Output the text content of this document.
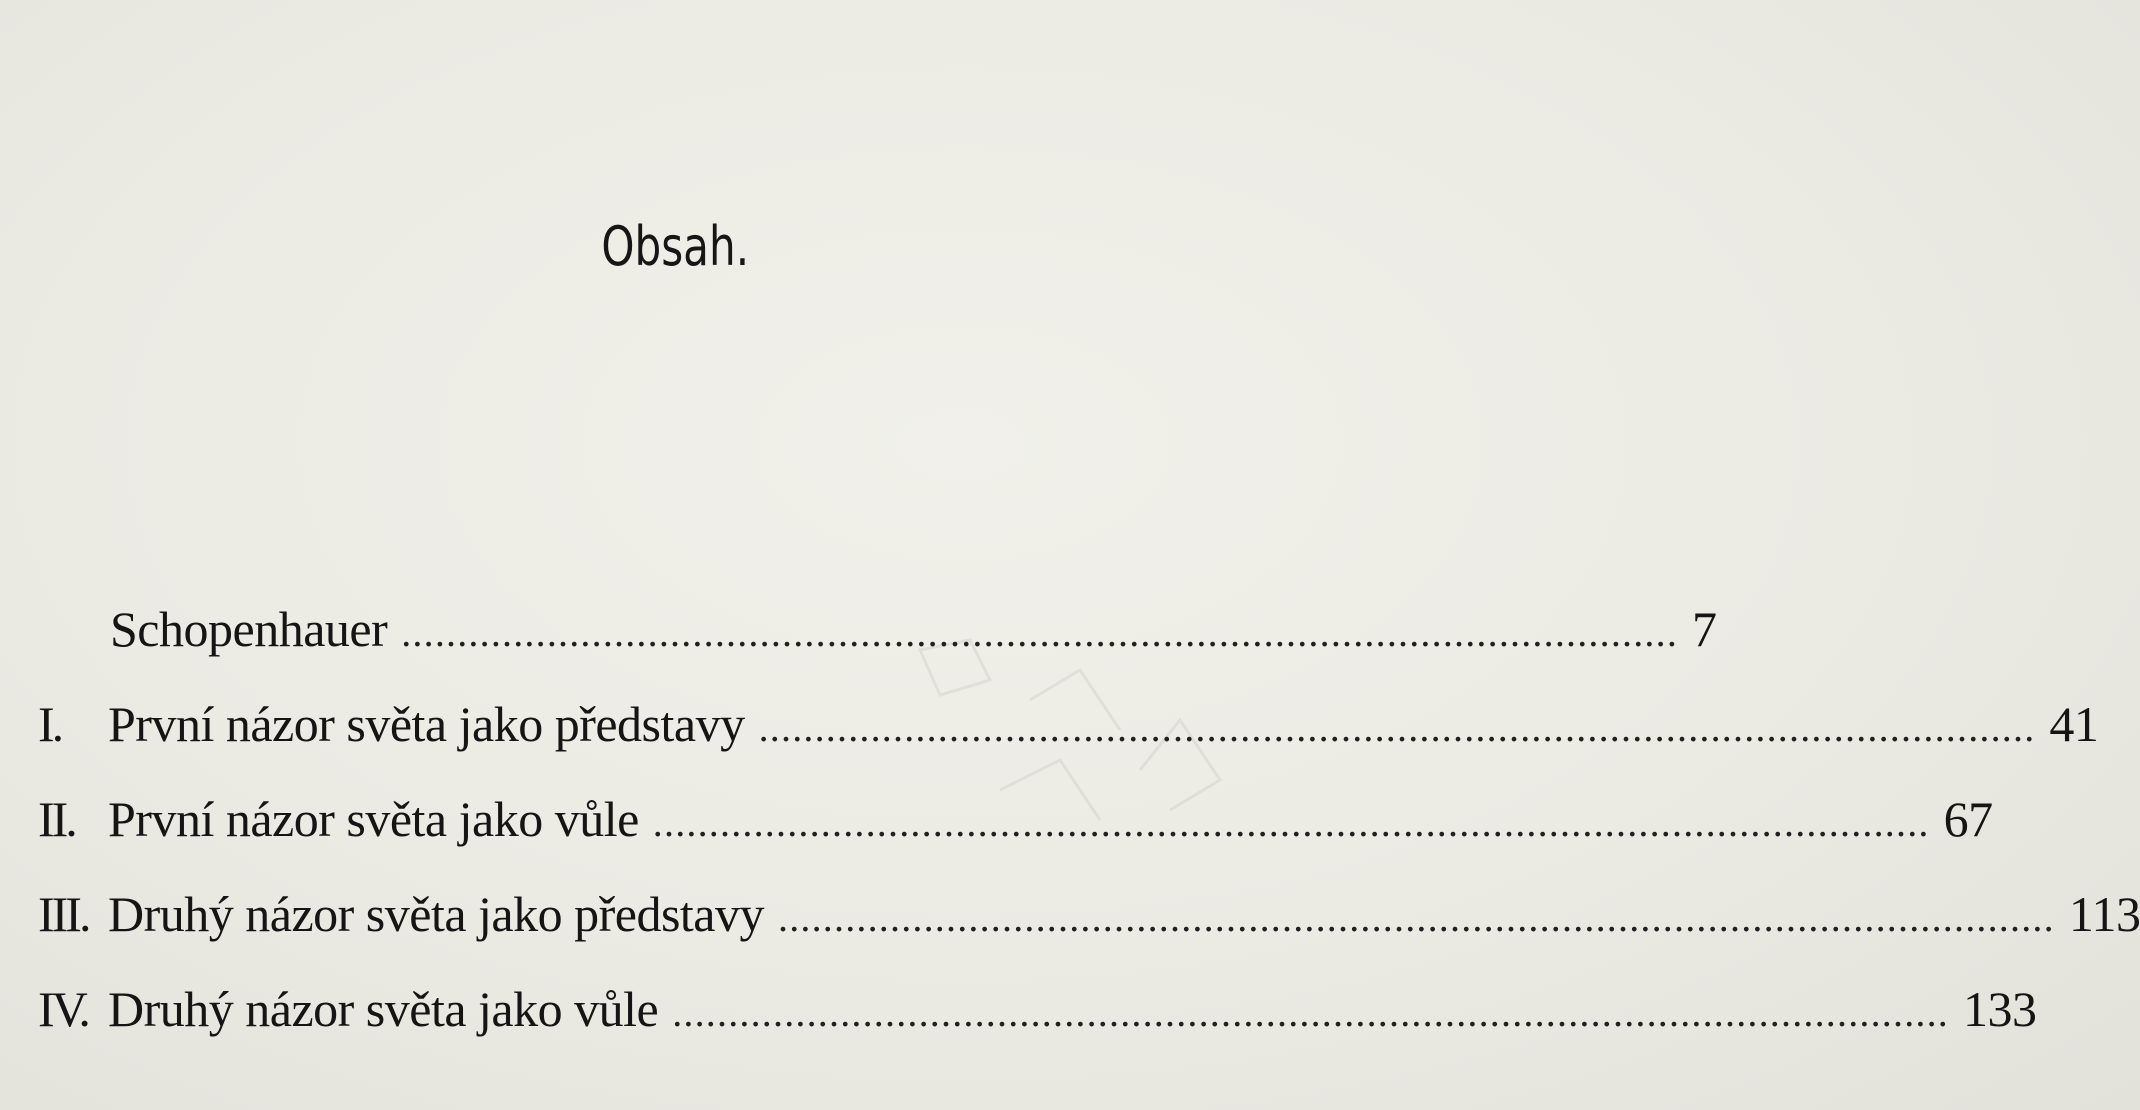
Obsah.
Schopenhauer .................................................................................................................. 7
I. První názor světa jako představy .................................................................................................................. 41
II. První názor světa jako vůle .................................................................................................................. 67
III. Druhý názor světa jako představy .................................................................................................................. 113
IV. Druhý názor světa jako vůle .................................................................................................................. 133
